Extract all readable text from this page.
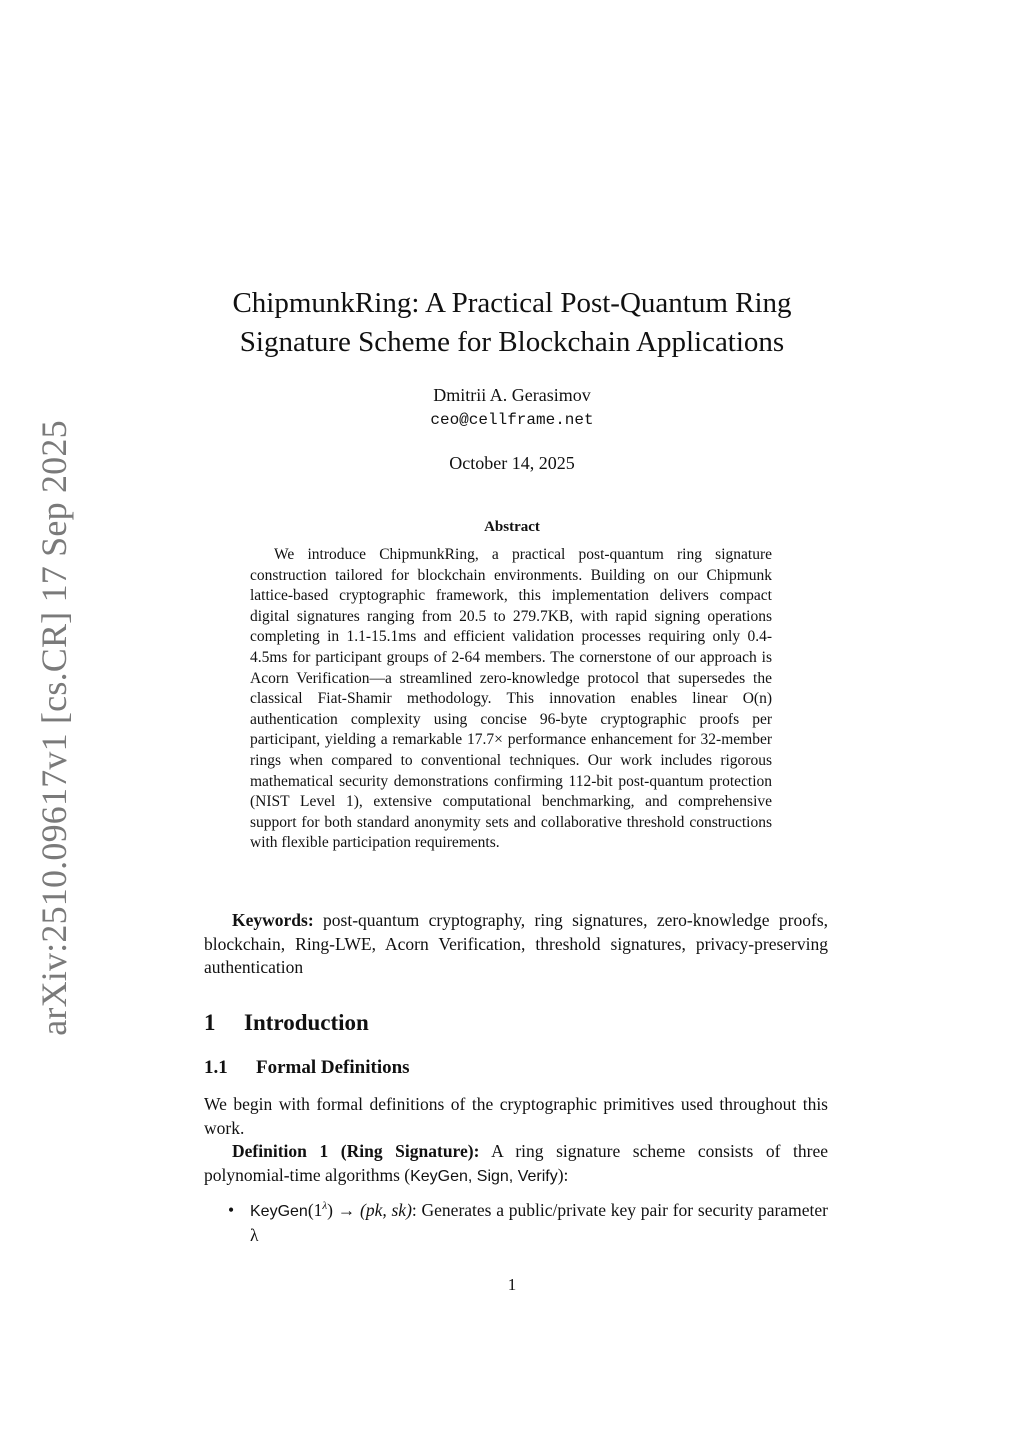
arXiv:2510.09617v1 [cs.CR] 17 Sep 2025
ChipmunkRing: A Practical Post-Quantum Ring
Signature Scheme for Blockchain Applications
Dmitrii A. Gerasimov
ceo@cellframe.net
October 14, 2025
Abstract

We introduce ChipmunkRing, a practical post-quantum ring signature construction tailored for blockchain environments. Building on our Chipmunk lattice-based cryptographic framework, this implementation delivers compact digital signatures ranging from 20.5 to 279.7KB, with rapid signing operations completing in 1.1-15.1ms and efficient validation processes requiring only 0.4-4.5ms for participant groups of 2-64 members. The cornerstone of our approach is Acorn Verification—a streamlined zero-knowledge protocol that supersedes the classical Fiat-Shamir methodology. This innovation enables linear O(n) authentication complexity using concise 96-byte cryptographic proofs per participant, yielding a remarkable 17.7× performance enhancement for 32-member rings when compared to conventional techniques. Our work includes rigorous mathematical security demonstrations confirming 112-bit post-quantum protection (NIST Level 1), extensive computational benchmarking, and comprehensive support for both standard anonymity sets and collaborative threshold constructions with flexible participation requirements.

Keywords: post-quantum cryptography, ring signatures, zero-knowledge proofs, blockchain, Ring-LWE, Acorn Verification, threshold signatures, privacy-preserving authentication

1 Introduction
1.1 Formal Definitions

We begin with formal definitions of the cryptographic primitives used throughout this work.

Definition 1 (Ring Signature): A ring signature scheme consists of three polynomial-time algorithms (KeyGen, Sign, Verify):

• $KeyGen(1^\lambda) \to (pk$, sk): Generates a public/private key pair for security parameter λ
1
